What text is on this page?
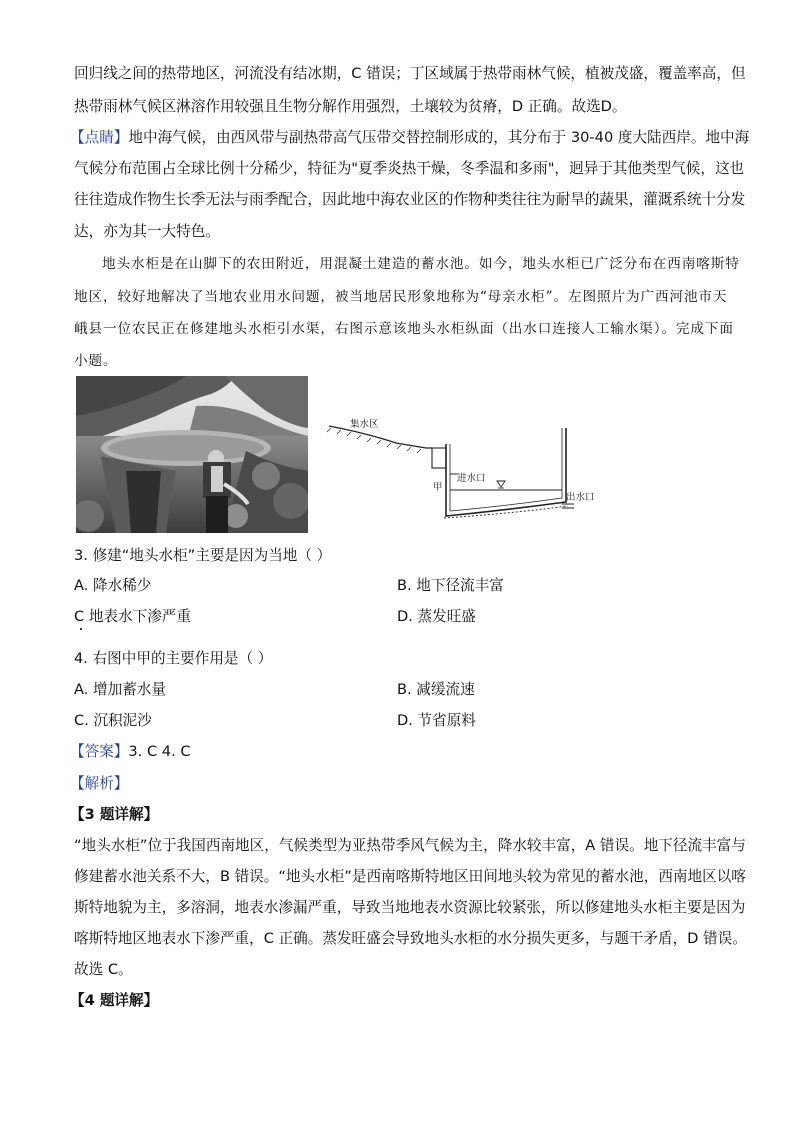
回归线之间的热带地区，河流没有结冰期，C 错误；丁区域属于热带雨林气候，植被茂盛，覆盖率高，但
热带雨林气候区淋溶作用较强且生物分解作用强烈，土壤较为贫瘠，D 正确。故选D。
【点睛】地中海气候，由西风带与副热带高气压带交替控制形成的，其分布于 30-40 度大陆西岸。地中海
气候分布范围占全球比例十分稀少，特征为"夏季炎热干燥，冬季温和多雨"，迥异于其他类型气候，这也
往往造成作物生长季无法与雨季配合，因此地中海农业区的作物种类往往为耐旱的蔬果，灌溉系统十分发
达，亦为其一大特色。
地头水柜是在山脚下的农田附近，用混凝土建造的蓄水池。如今，地头水柜已广泛分布在西南喀斯特
地区，较好地解决了当地农业用水问题，被当地居民形象地称为“母亲水柜”。左图照片为广西河池市天
峨县一位农民正在修建地头水柜引水渠，右图示意该地头水柜纵面（出水口连接人工输水渠）。完成下面
小题。
集水区
进水口
甲
出水口
3. 修建“地头水柜”主要是因为当地（ ）
A. 降水稀少	B. 地下径流丰富
C 地表水下渗严重	D. 蒸发旺盛
4. 右图中甲的主要作用是（ ）
A. 增加蓄水量	B. 减缓流速
C. 沉积泥沙	D. 节省原料
【答案】3. C 4. C
【解析】
【3 题详解】
“地头水柜”位于我国西南地区，气候类型为亚热带季风气候为主，降水较丰富，A 错误。地下径流丰富与
修建蓄水池关系不大，B 错误。“地头水柜”是西南喀斯特地区田间地头较为常见的蓄水池，西南地区以喀
斯特地貌为主，多溶洞，地表水渗漏严重，导致当地地表水资源比较紧张，所以修建地头水柜主要是因为
喀斯特地区地表水下渗严重，C 正确。蒸发旺盛会导致地头水柜的水分损失更多，与题干矛盾，D 错误。
故选 C。
【4 题详解】
